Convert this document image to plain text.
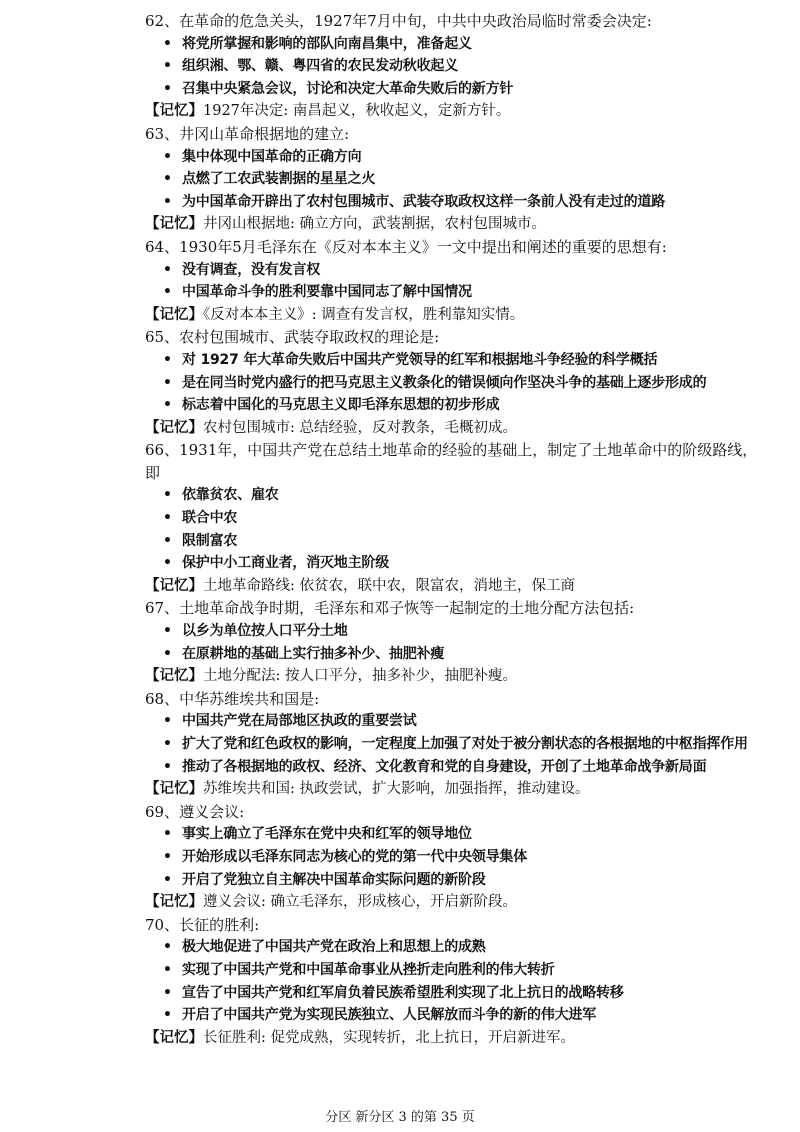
62、在革命的危急关头，1927年7月中旬，中共中央政治局临时常委会决定:
• 将党所掌握和影响的部队向南昌集中，准备起义
• 组织湘、鄂、赣、粤四省的农民发动秋收起义
• 召集中央紧急会议，讨论和决定大革命失败后的新方针
【记忆】1927年决定: 南昌起义，秋收起义，定新方针。
63、井冈山革命根据地的建立:
• 集中体现中国革命的正确方向
• 点燃了工农武装割据的星星之火
• 为中国革命开辟出了农村包围城市、武装夺取政权这样一条前人没有走过的道路
【记忆】井冈山根据地: 确立方向，武装割据，农村包围城市。
64、1930年5月毛泽东在《反对本本主义》一文中提出和阐述的重要的思想有:
• 没有调查，没有发言权
• 中国革命斗争的胜利要靠中国同志了解中国情况
【记忆】《反对本本主义》: 调查有发言权，胜利靠知实情。
65、农村包围城市、武装夺取政权的理论是:
• 对 1927 年大革命失败后中国共产党领导的红军和根据地斗争经验的科学概括
• 是在同当时党内盛行的把马克思主义教条化的错误倾向作坚决斗争的基础上逐步形成的
• 标志着中国化的马克思主义即毛泽东思想的初步形成
【记忆】农村包围城市: 总结经验，反对教条，毛概初成。
66、1931年，中国共产党在总结土地革命的经验的基础上，制定了土地革命中的阶级路线，即
• 依靠贫农、雇农
• 联合中农
• 限制富农
• 保护中小工商业者，消灭地主阶级
【记忆】土地革命路线: 依贫农，联中农，限富农，消地主，保工商
67、土地革命战争时期，毛泽东和邓子恢等一起制定的土地分配方法包括:
• 以乡为单位按人口平分土地
• 在原耕地的基础上实行抽多补少、抽肥补瘦
【记忆】土地分配法: 按人口平分，抽多补少，抽肥补瘦。
68、中华苏维埃共和国是:
• 中国共产党在局部地区执政的重要尝试
• 扩大了党和红色政权的影响，一定程度上加强了对处于被分割状态的各根据地的中枢指挥作用
• 推动了各根据地的政权、经济、文化教育和党的自身建设，开创了土地革命战争新局面
【记忆】苏维埃共和国: 执政尝试，扩大影响，加强指挥，推动建设。
69、遵义会议:
• 事实上确立了毛泽东在党中央和红军的领导地位
• 开始形成以毛泽东同志为核心的党的第一代中央领导集体
• 开启了党独立自主解决中国革命实际问题的新阶段
【记忆】遵义会议: 确立毛泽东，形成核心，开启新阶段。
70、长征的胜利:
• 极大地促进了中国共产党在政治上和思想上的成熟
• 实现了中国共产党和中国革命事业从挫折走向胜利的伟大转折
• 宣告了中国共产党和红军肩负着民族希望胜利实现了北上抗日的战略转移
• 开启了中国共产党为实现民族独立、人民解放而斗争的新的伟大进军
【记忆】长征胜利: 促党成熟，实现转折，北上抗日，开启新进军。
分区 新分区 3 的第 35 页
